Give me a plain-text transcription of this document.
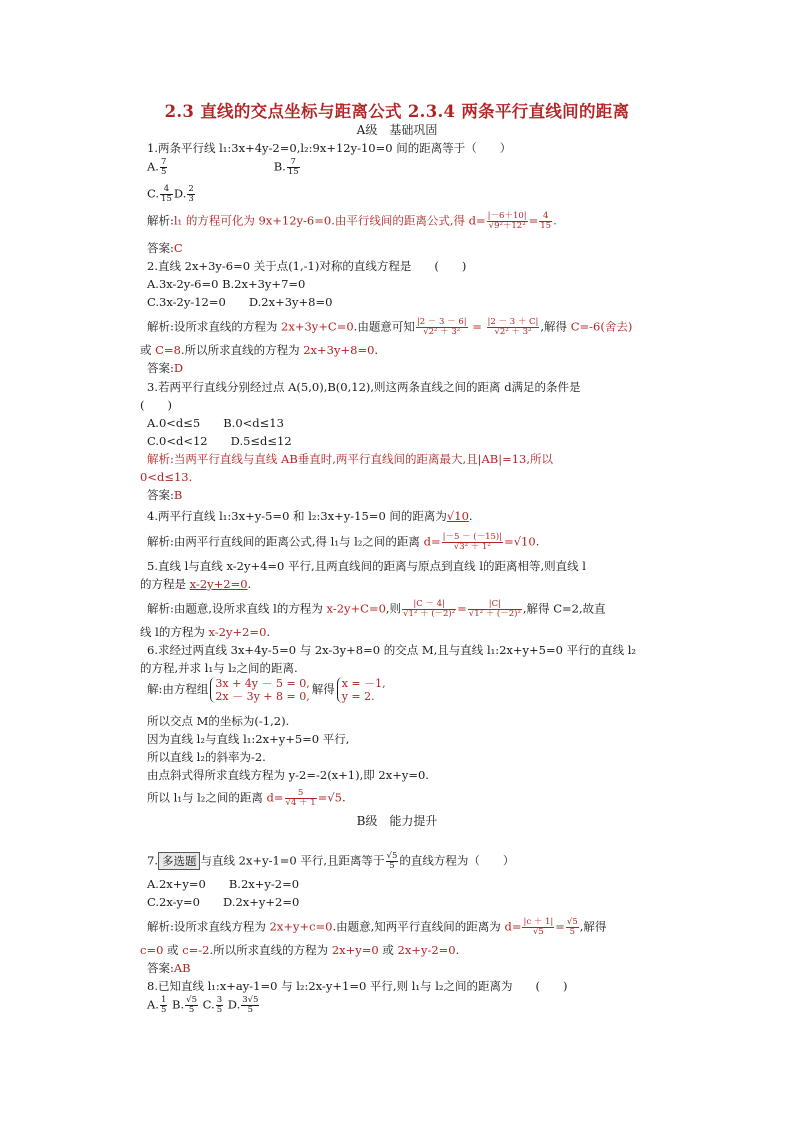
2.3 直线的交点坐标与距离公式 2.3.4 两条平行直线间的距离
A级　基础巩固
1.两条平行线 l₁:3x+4y-2=0,l₂:9x+12y-10=0 间的距离等于（　　）
A. $\frac{7}{5}$	B. $\frac{7}{15}$
C. $\frac{4}{15} D$. $\frac{2}{3}$
解析:l₁ 的方程可化为 9x+12y-6=0.由平行线间的距离公式,得 $d= \frac{|-6+10|}{\text{√9²＋12²}} = \frac{4}{15}$ .
答案:C
2.直线 2x+3y-6=0 关于点(1,-1)对称的直线方程是　　(　　)
A.3x-2y-6=0 B.2x+3y+7=0
C.3x-2y-12=0　　D.2x+3y+8=0
解析:设所求直线的方程为 2x+3y+C=0.由题意可知 $\frac{|2 - 3 - 6|}{\text{√2² ＋ 3²}} = \frac{|2 - 3 + C|}{\text{√2² ＋ 3²}}$ ,解得 C=-6(舍去)
或 C=8.所以所求直线的方程为 2x+3y+8=0.
答案:D
3.若两平行直线分别经过点 A(5,0),B(0,12),则这两条直线之间的距离 d满足的条件是
(　　)
A.0<d≤5　　B.0<d≤13
C.0<d<12　　D.5≤d≤12
解析:当两平行直线与直线 AB垂直时,两平行直线间的距离最大,且|AB|=13,所以
0<d≤13.
答案:B
4.两平行直线 l₁:3x+y-5=0 和 l₂:3x+y-15=0 间的距离为√10.
解析:由两平行直线间的距离公式,得 l₁与 l₂之间的距离 $d= \frac{|-5 - (-15)|}{\text{√3² ＋ 1²}} =√10$.
5.直线 l与直线 x-2y+4=0 平行,且两直线间的距离与原点到直线 l的距离相等,则直线 l
的方程是 x-2y+2=0.
解析:由题意,设所求直线 l的方程为 x-2y+C=0,则 $\frac{|C - 4|}{\text{√1² ＋ (－2)²}} = \frac{|C|}{\text{√1² ＋ (－2)²}}$ ,解得 C=2,故直
线 l的方程为 x-2y+2=0.
6.求经过两直线 3x+4y-5=0 与 2x-3y+8=0 的交点 M,且与直线 l₁:2x+y+5=0 平行的直线 l₂
的方程,并求 l₁与 l₂之间的距离.
解:由方程组 3x + 4y － 5 = 0,
2x － 3y + 8 = 0,
解得 x = －1,
y = 2.
所以交点 M的坐标为(-1,2).
因为直线 l₂与直线 l₁:2x+y+5=0 平行,
所以直线 l₂的斜率为-2.
由点斜式得所求直线方程为 y-2=-2(x+1),即 2x+y=0.
所以 l₁与 l₂之间的距离 $d= \frac{5}{√4 + 1} =√5$.
B级　能力提升
7. 多选题 与直线 2x+y-1=0 平行,且距离等于 $\frac{√5}{5}$ 的直线方程为（　　）
A.2x+y=0　　B.2x+y-2=0
C.2x-y=0　　D.2x+y+2=0
解析:设所求直线方程为 2x+y+c=0.由题意,知两平行直线间的距离为 $d= \frac{|c + 1|}{√5} = \frac{√5}{5}$ ,解得
c=0 或 c=-2.所以所求直线的方程为 2x+y=0 或 2x+y-2=0.
答案:AB
8.已知直线 l₁:x+ay-1=0 与 l₂:2x-y+1=0 平行,则 l₁与 l₂之间的距离为　　(　　)
A. $\frac{1}{5} B$. $\frac{√5}{5} C$. $\frac{3}{5} D$. $\frac{3√5}{5}$
